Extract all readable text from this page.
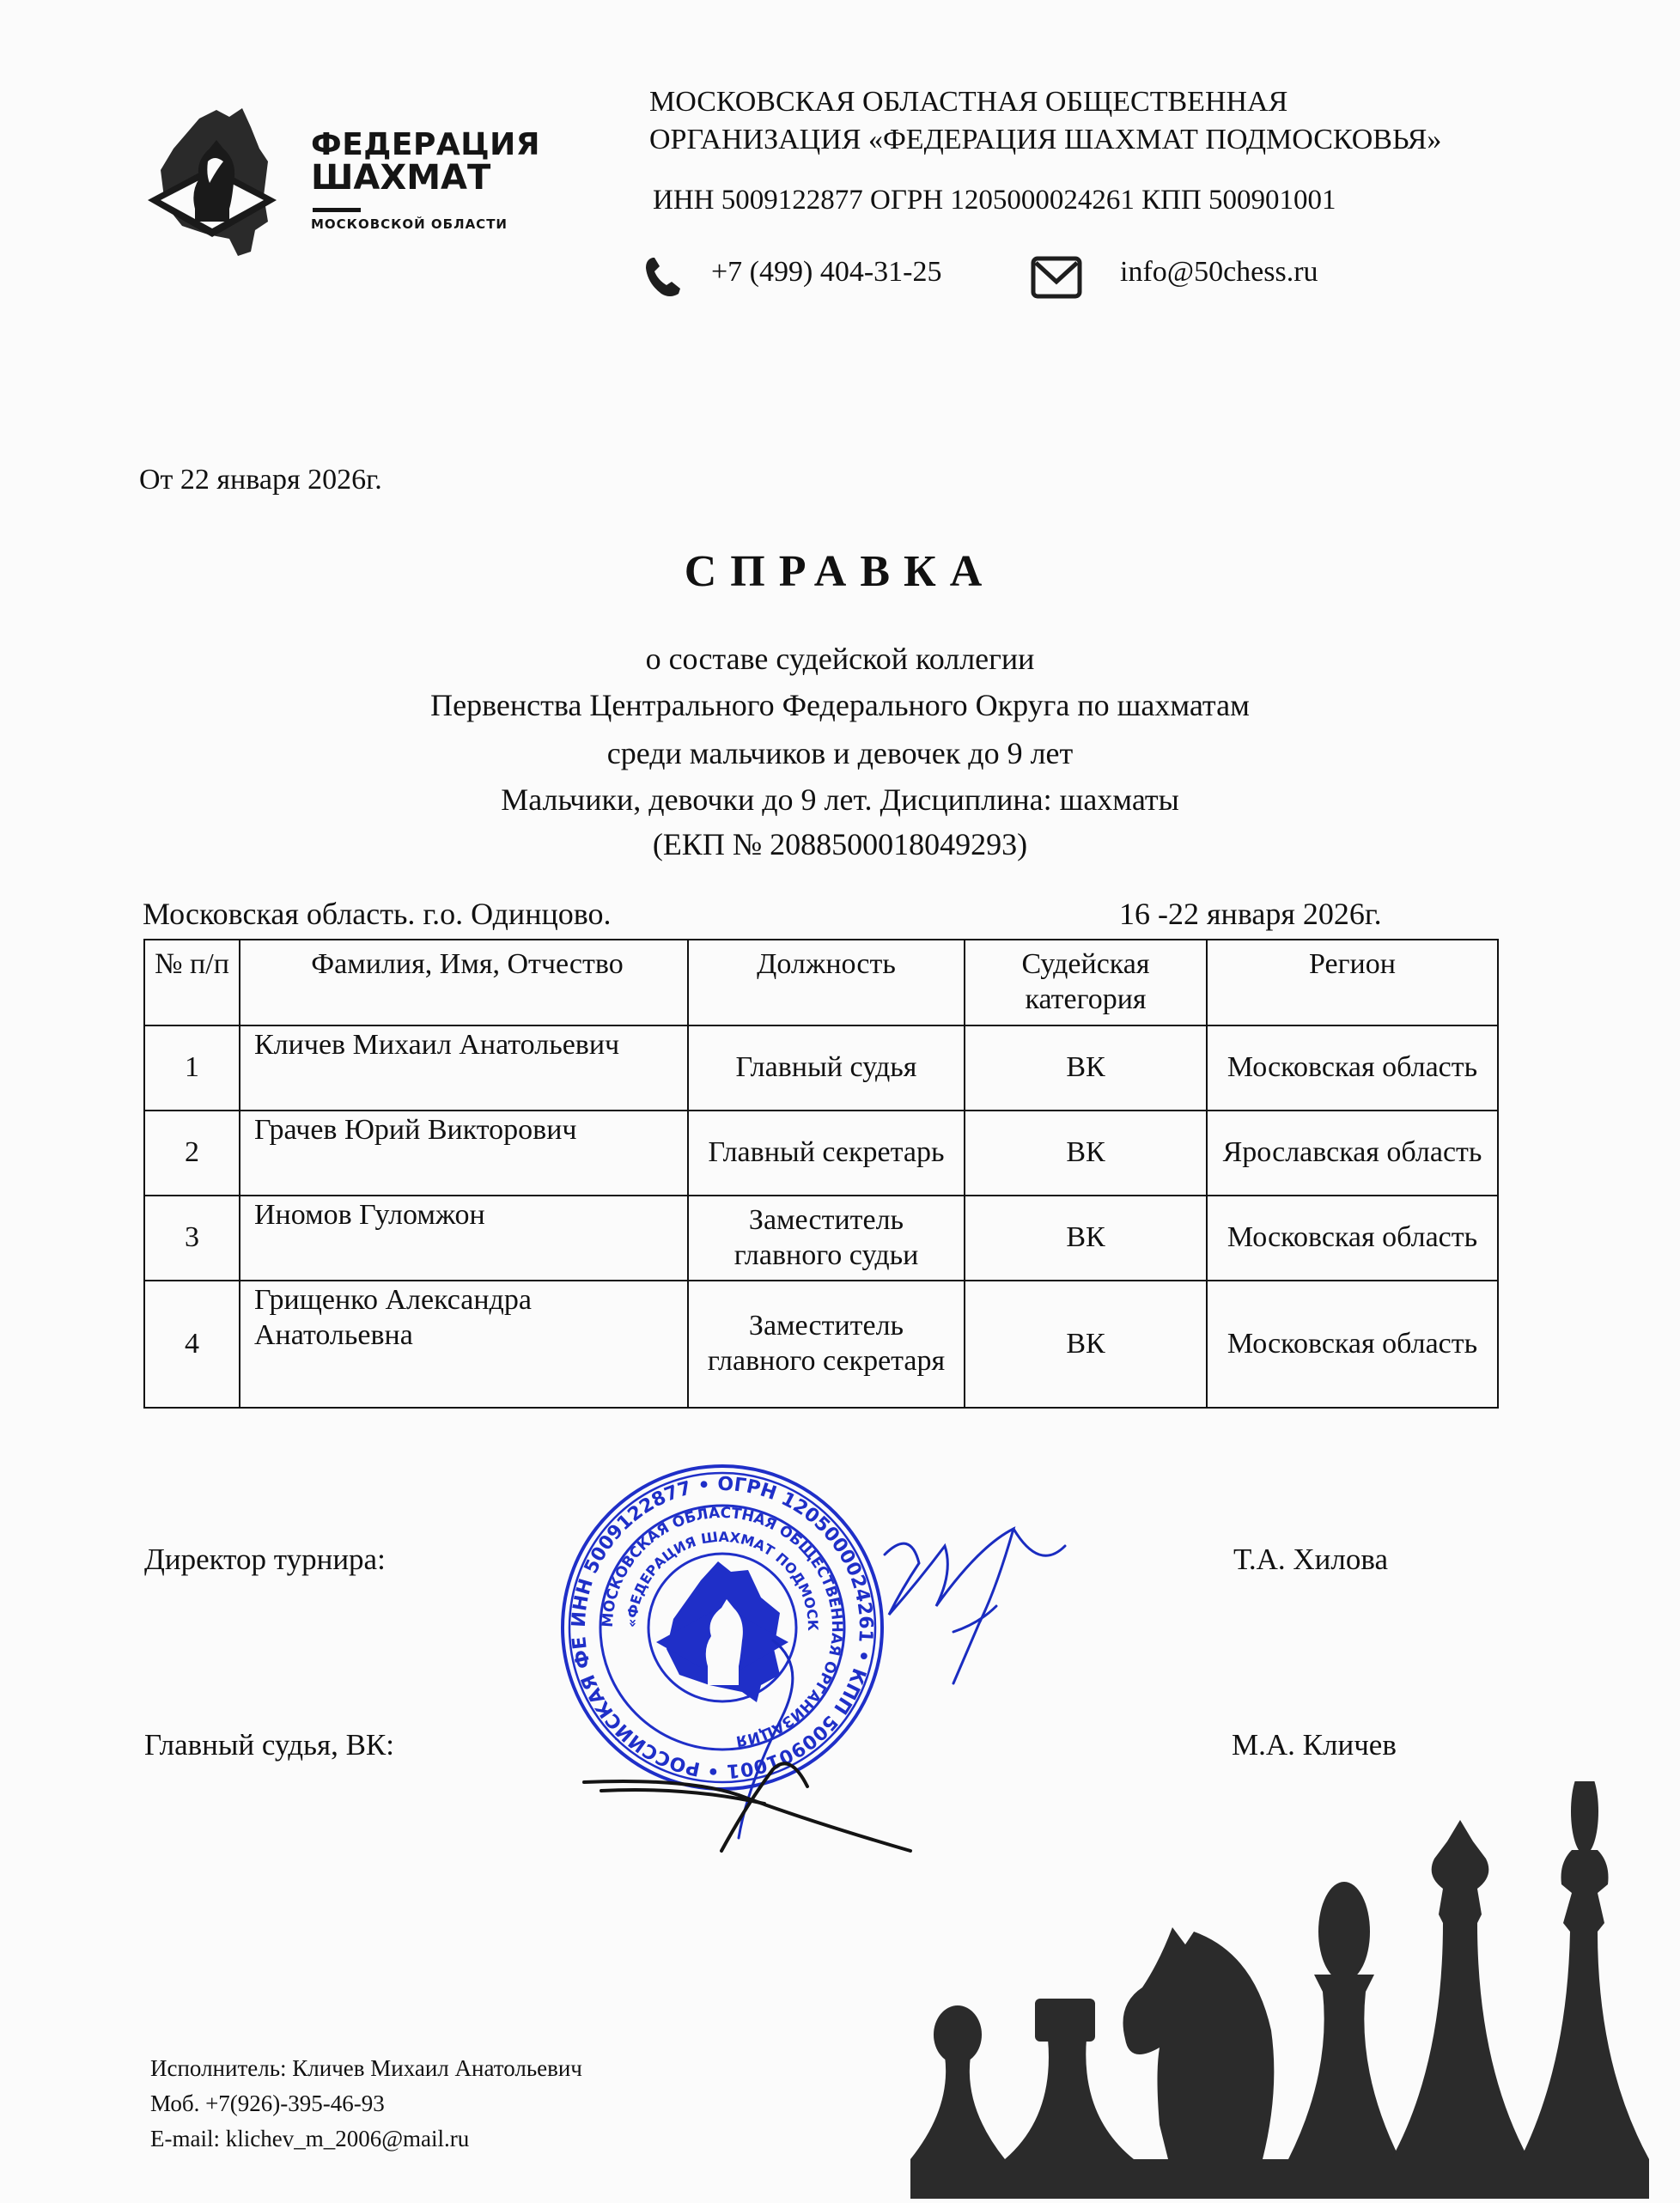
ФЕДЕРАЦИЯ
ШАХМАТ
МОСКОВСКОЙ ОБЛАСТИ
МОСКОВСКАЯ ОБЛАСТНАЯ ОБЩЕСТВЕННАЯ
ОРГАНИЗАЦИЯ «ФЕДЕРАЦИЯ ШАХМАТ ПОДМОСКОВЬЯ»
ИНН 5009122877 ОГРН 1205000024261 КПП 500901001
+7 (499) 404-31-25	info@50chess.ru
От 22 января 2026г.
СПРАВКА
о составе судейской коллегии
Первенства Центрального Федерального Округа по шахматам
среди мальчиков и девочек до 9 лет
Мальчики, девочки до 9 лет. Дисциплина: шахматы
(ЕКП № 2088500018049293)
Московская область. г.о. Одинцово.	16 -22 января 2026г.
№ п/п	Фамилия, Имя, Отчество	Должность	Судейская категория	Регион
1	Кличев Михаил Анатольевич	Главный судья	ВК	Московская область
2	Грачев Юрий Викторович	Главный секретарь	ВК	Ярославская область
3	Иномов Гуломжон	Заместитель главного судьи	ВК	Московская область
4	Грищенко Александра Анатольевна	Заместитель главного секретаря	ВК	Московская область
Директор турнира:	Т.А. Хилова
Главный судья, ВК:	М.А. Кличев
ИНН 5009122877 • ОГРН 1205000024261 • КПП 500901001 • РОССИЙСКАЯ ФЕ
МОСКОВСКАЯ ОБЛАСТНАЯ ОБЩЕСТВЕННАЯ ОРГАНИЗАЦИЯ
«ФЕДЕРАЦИЯ ШАХМАТ ПОДМОСК
Исполнитель: Кличев Михаил Анатольевич
Моб. +7(926)-395-46-93
E-mail: klichev_m_2006@mail.ru
